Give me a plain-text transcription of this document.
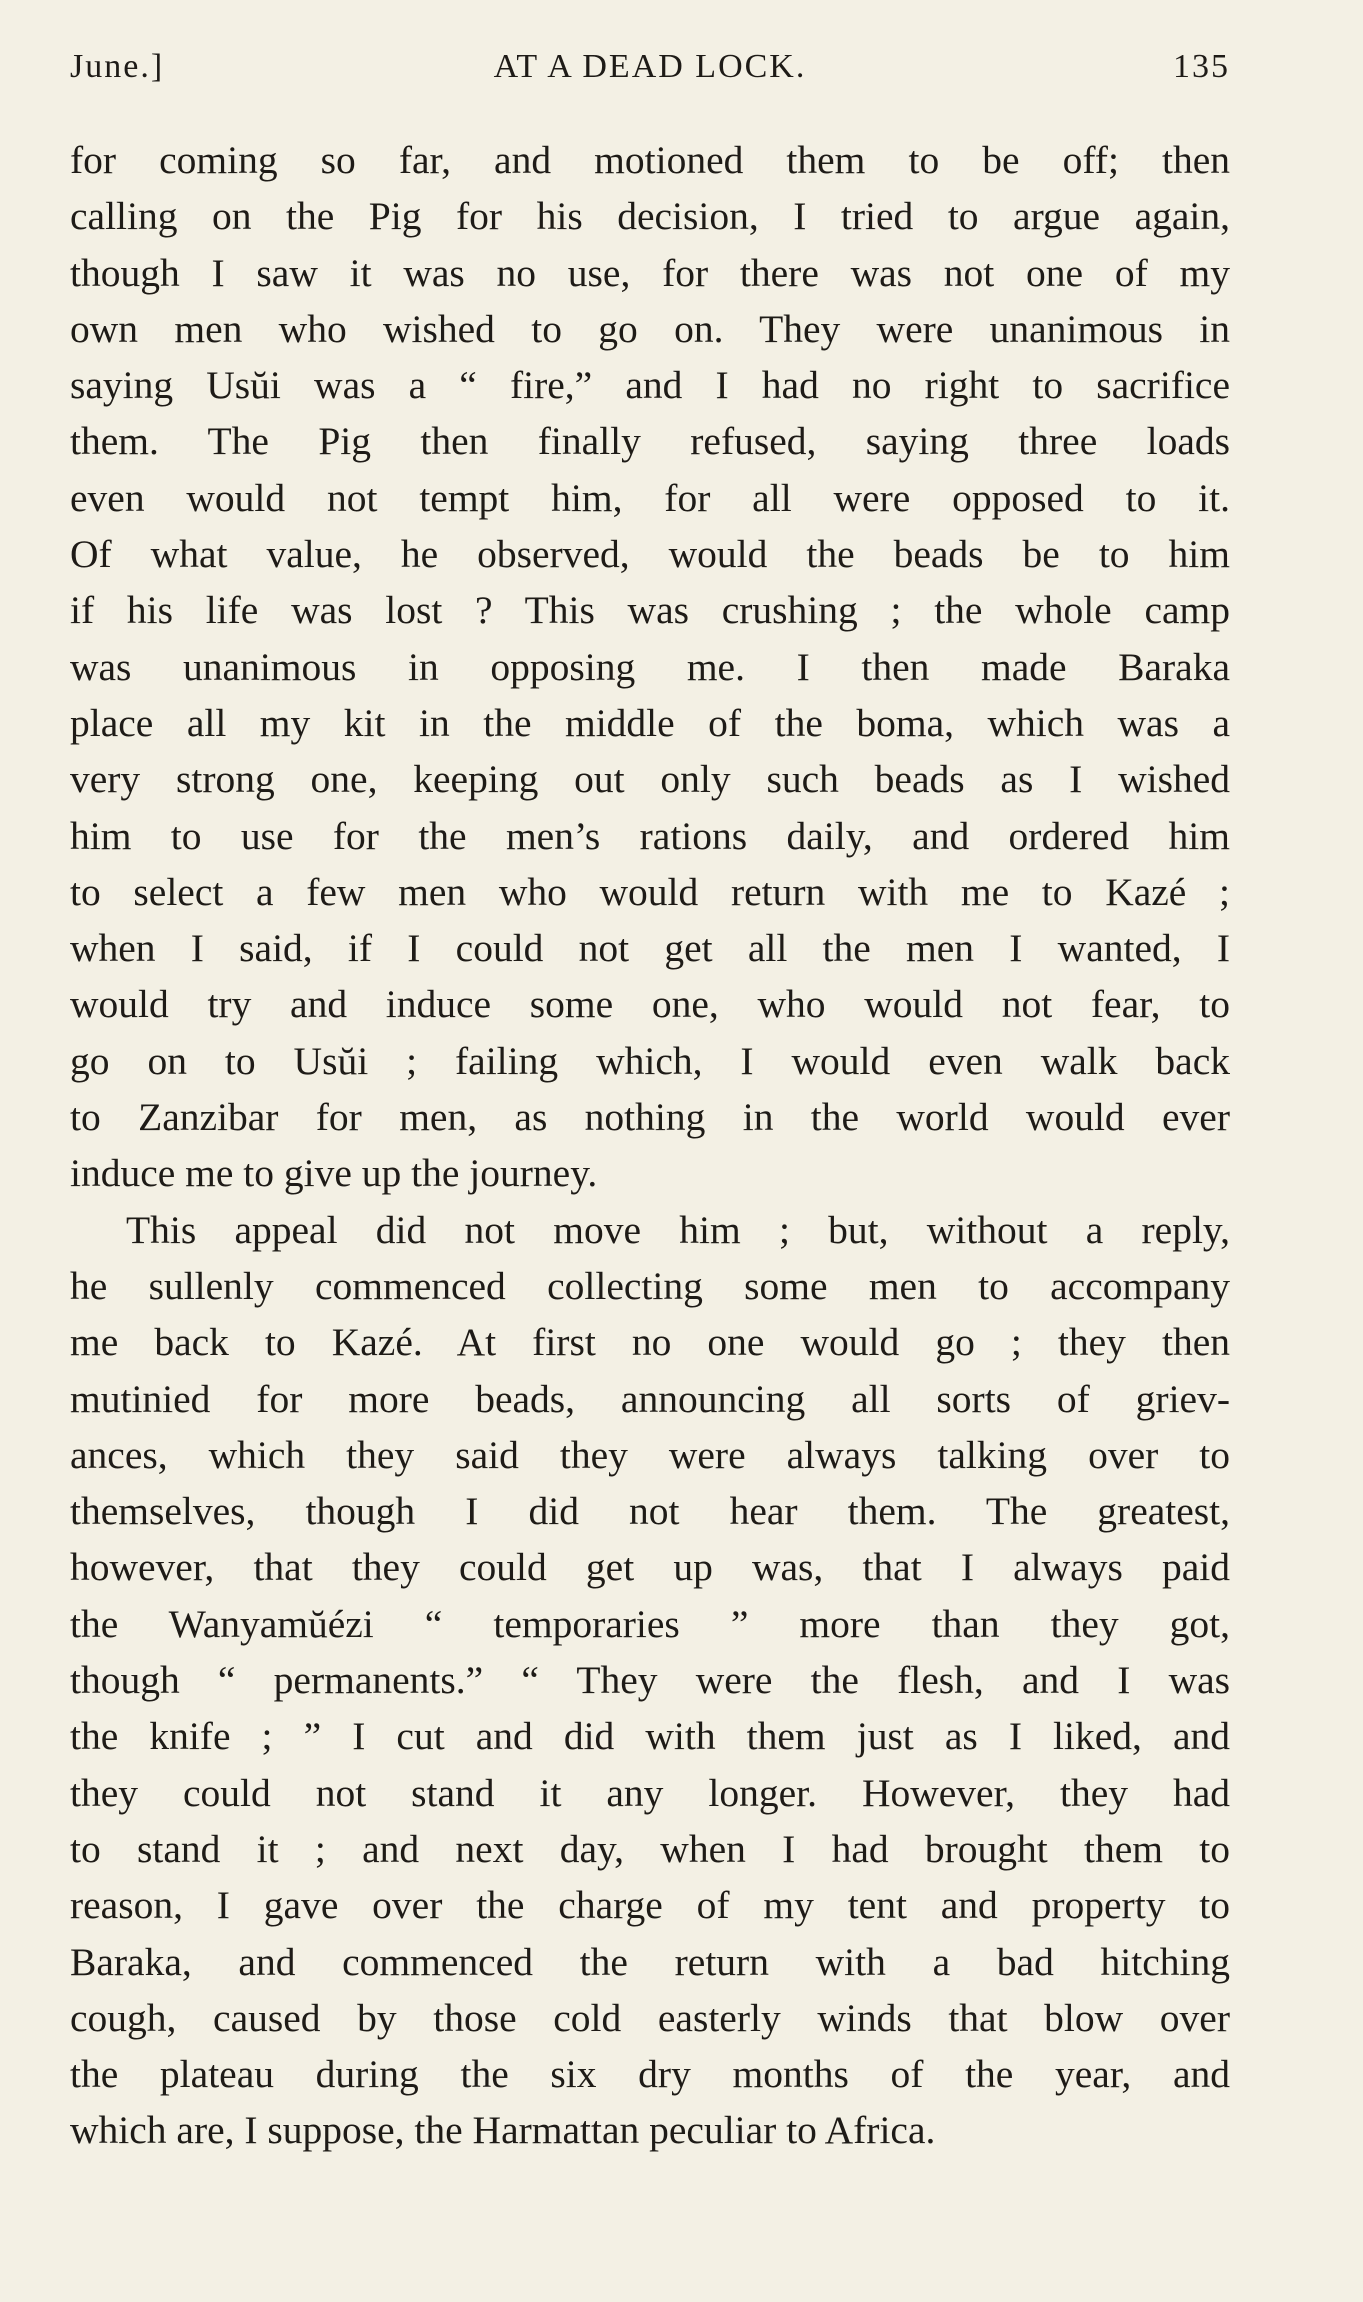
June.]	AT A DEAD LOCK.	135
for coming so far, and motioned them to be off; then
calling on the Pig for his decision, I tried to argue again,
though I saw it was no use, for there was not one of my
own men who wished to go on. They were unanimous in
saying Usŭi was a “ fire,” and I had no right to sacrifice
them. The Pig then finally refused, saying three loads
even would not tempt him, for all were opposed to it.
Of what value, he observed, would the beads be to him
if his life was lost ? This was crushing ; the whole camp
was unanimous in opposing me. I then made Baraka
place all my kit in the middle of the boma, which was a
very strong one, keeping out only such beads as I wished
him to use for the men’s rations daily, and ordered him
to select a few men who would return with me to Kazé ;
when I said, if I could not get all the men I wanted, I
would try and induce some one, who would not fear, to
go on to Usŭi ; failing which, I would even walk back
to Zanzibar for men, as nothing in the world would ever
induce me to give up the journey.
This appeal did not move him ; but, without a reply,
he sullenly commenced collecting some men to accompany
me back to Kazé. At first no one would go ; they then
mutinied for more beads, announcing all sorts of griev-
ances, which they said they were always talking over to
themselves, though I did not hear them. The greatest,
however, that they could get up was, that I always paid
the Wanyamŭézi “ temporaries ” more than they got,
though “ permanents.” “ They were the flesh, and I was
the knife ; ” I cut and did with them just as I liked, and
they could not stand it any longer. However, they had
to stand it ; and next day, when I had brought them to
reason, I gave over the charge of my tent and property to
Baraka, and commenced the return with a bad hitching
cough, caused by those cold easterly winds that blow over
the plateau during the six dry months of the year, and
which are, I suppose, the Harmattan peculiar to Africa.
